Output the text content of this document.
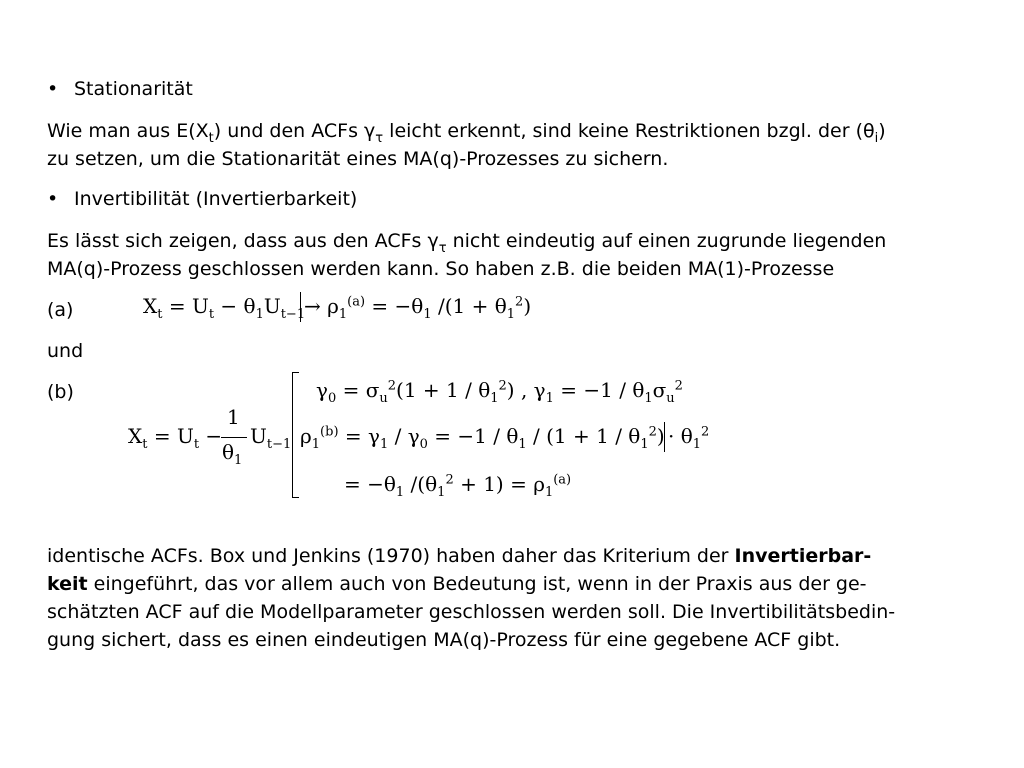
• Stationarität
Wie man aus $E(X_t)$ und den ACFs $\gamma_\tau$ leicht erkennt, sind keine Restriktionen bzgl. der $(\theta_i)$
zu setzen, um die Stationarität eines MA(q)-Prozesses zu sichern.
• Invertibilität (Invertierbarkeit)
Es lässt sich zeigen, dass aus den ACFs $\gamma_\tau$ nicht eindeutig auf einen zugrunde liegenden
MA(q)-Prozess geschlossen werden kann. So haben z.B. die beiden MA(1)-Prozesse
(a)	$X_t = U_t - \theta_1U_{t-1}$
→ $\rho_1^{(a)} = -\theta_1$ $/(1 + \theta_1^2)$
und
(b)
$X_t = U_t$ −
1
$\theta_1$
$U_{t-1}$
$\gamma_0 = \sigma_u^2(1 + 1 / \theta_1^2)$ , $\gamma_1 = -1 / \theta_1\sigma_u^2$
$\rho_1^{(b)} = \gamma_1 / \gamma_0 = -1 / \theta_1 / (1 + 1 / \theta_1^2) \cdot \theta_1^2$
= $-\theta_1$ $/(\theta_1^2 + 1) = \rho_1^{(a)}$
identische ACFs. Box und Jenkins (1970) haben daher das Kriterium der Invertierbar-
keit eingeführt, das vor allem auch von Bedeutung ist, wenn in der Praxis aus der ge-
schätzten ACF auf die Modellparameter geschlossen werden soll. Die Invertibilitätsbedin-
gung sichert, dass es einen eindeutigen MA(q)-Prozess für eine gegebene ACF gibt.
